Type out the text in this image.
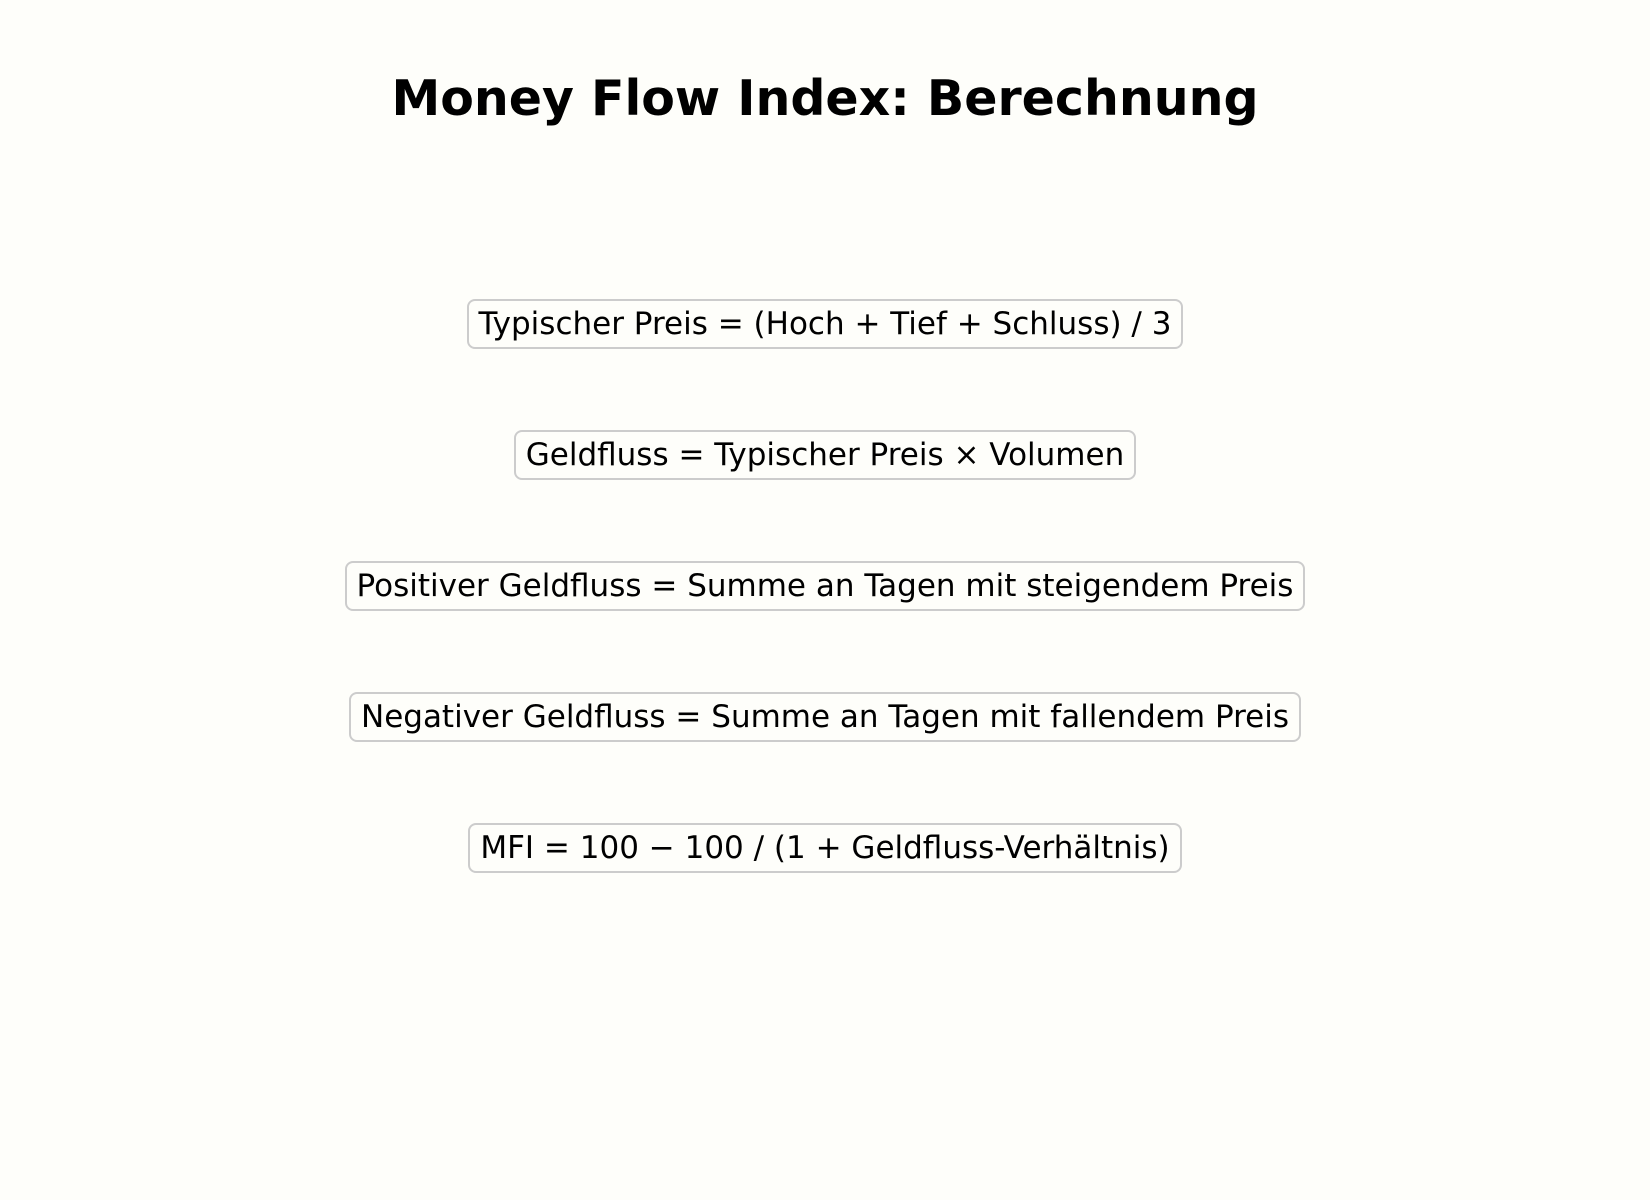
Money Flow Index: Berechnung
Typischer Preis = (Hoch + Tief + Schluss) / 3
Geldfluss = Typischer Preis × Volumen
Positiver Geldfluss = Summe an Tagen mit steigendem Preis
Negativer Geldfluss = Summe an Tagen mit fallendem Preis
MFI = 100 − 100 / (1 + Geldfluss-Verhältnis)
